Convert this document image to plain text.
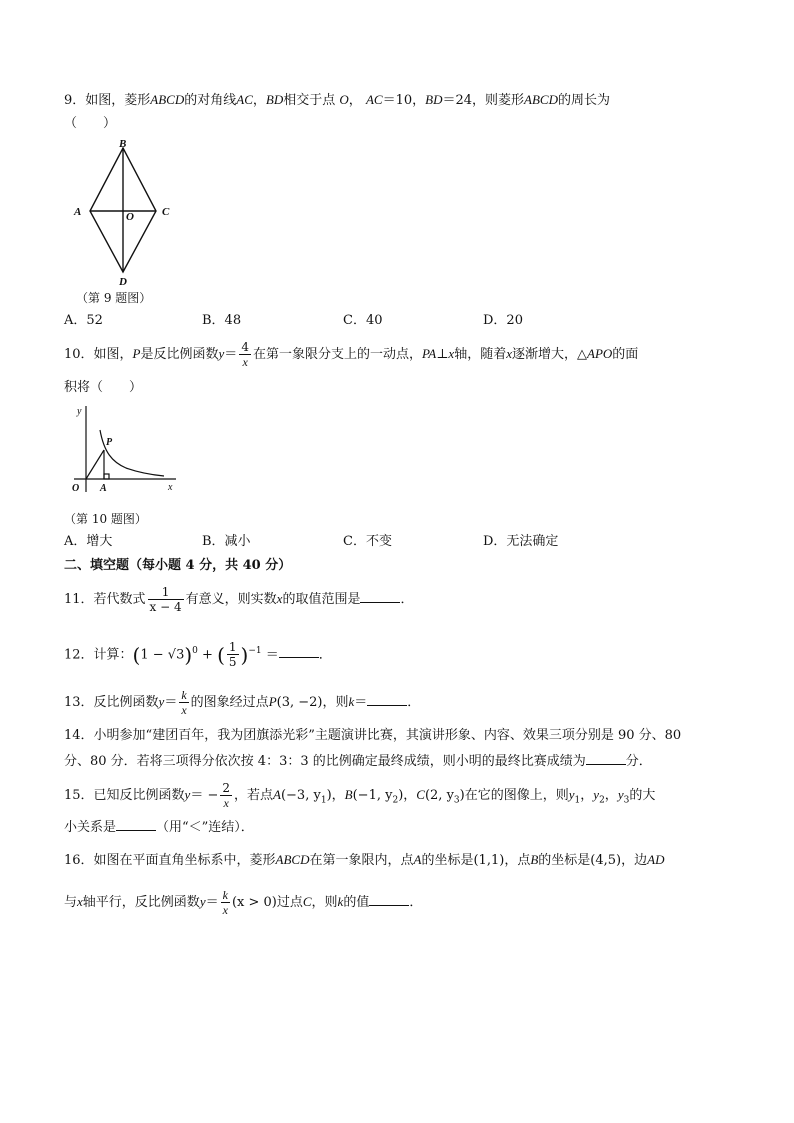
9．如图，菱形ABCD的对角线AC，BD相交于点 O， AC＝10，BD＝24，则菱形ABCD的周长为
（　　）
B
A	O	C
D
（第 9 题图）
A．52	B．48	C．40	D．20
10．如图，P是反比例函数$y= \frac{4}{x}$ 在第一象限分支上的一动点，PA⊥x轴，随着x逐渐增大，△APO的面
积将（　　）
y
P
O A	x
（第 10 题图）
A．增大	B．减小	C．不变	D．无法确定
二、填空题（每小题 4 分，共 40 分）
11．若代数式 $\frac{1}{x - 4}$ 有意义，则实数x的取值范围是	．
12．计算：$(1 - √3)^0$ + ( $\frac{1}{5} )^{-1}$ ＝	．
13．反比例函数$y= \frac{k}{x}$ 的图象经过点P(3, −2)，则k＝	．
14．小明参加“建团百年，我为团旗添光彩”主题演讲比赛，其演讲形象、内容、效果三项分别是 90 分、80
分、80 分．若将三项得分依次按 4：3：3 的比例确定最终成绩，则小明的最终比赛成绩为	分．
15．已知反比例函数$y= - \frac{2}{x}$ ，若点A(−3, $y_1$)，B(−1, $y_2$)，C(2, $y_3$)在它的图像上，则$y_1$，$y_2$，$y_3$的大
小关系是	（用“＜”连结）．
16．如图在平面直角坐标系中，菱形ABCD在第一象限内，点A的坐标是(1,1)，点B的坐标是(4,5)，边AD
与x轴平行，反比例函数$y= \frac{k}{x} (x > 0)$过点C，则k的值	．
